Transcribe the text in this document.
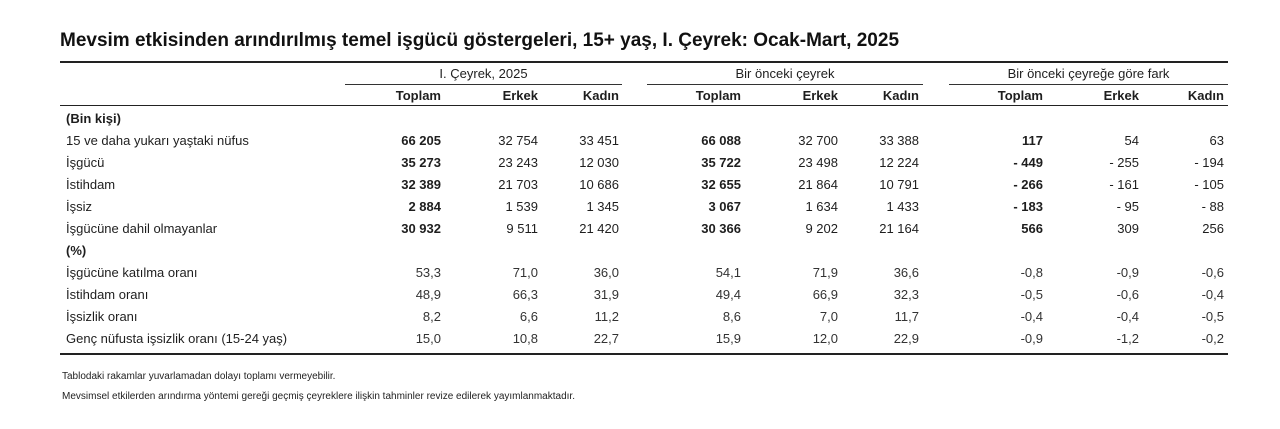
Mevsim etkisinden arındırılmış temel işgücü göstergeleri, 15+ yaş, I. Çeyrek: Ocak-Mart, 2025
I. Çeyrek, 2025	Bir önceki çeyrek	Bir önceki çeyreğe göre fark
Toplam	Erkek	Kadın	Toplam	Erkek	Kadın	Toplam	Erkek	Kadın
(Bin kişi)
15 ve daha yukarı yaştaki nüfus	66 205	32 754	33 451	66 088	32 700	33 388	117	54	63
İşgücü	35 273	23 243	12 030	35 722	23 498	12 224	- 449	- 255	- 194
İstihdam	32 389	21 703	10 686	32 655	21 864	10 791	- 266	- 161	- 105
İşsiz	2 884	1 539	1 345	3 067	1 634	1 433	- 183	- 95	- 88
İşgücüne dahil olmayanlar	30 932	9 511	21 420	30 366	9 202	21 164	566	309	256
(%)
İşgücüne katılma oranı	53,3	71,0	36,0	54,1	71,9	36,6	-0,8	-0,9	-0,6
İstihdam oranı	48,9	66,3	31,9	49,4	66,9	32,3	-0,5	-0,6	-0,4
İşsizlik oranı	8,2	6,6	11,2	8,6	7,0	11,7	-0,4	-0,4	-0,5
Genç nüfusta işsizlik oranı (15-24 yaş)	15,0	10,8	22,7	15,9	12,0	22,9	-0,9	-1,2	-0,2
Tablodaki rakamlar yuvarlamadan dolayı toplamı vermeyebilir.
Mevsimsel etkilerden arındırma yöntemi gereği geçmiş çeyreklere ilişkin tahminler revize edilerek yayımlanmaktadır.
